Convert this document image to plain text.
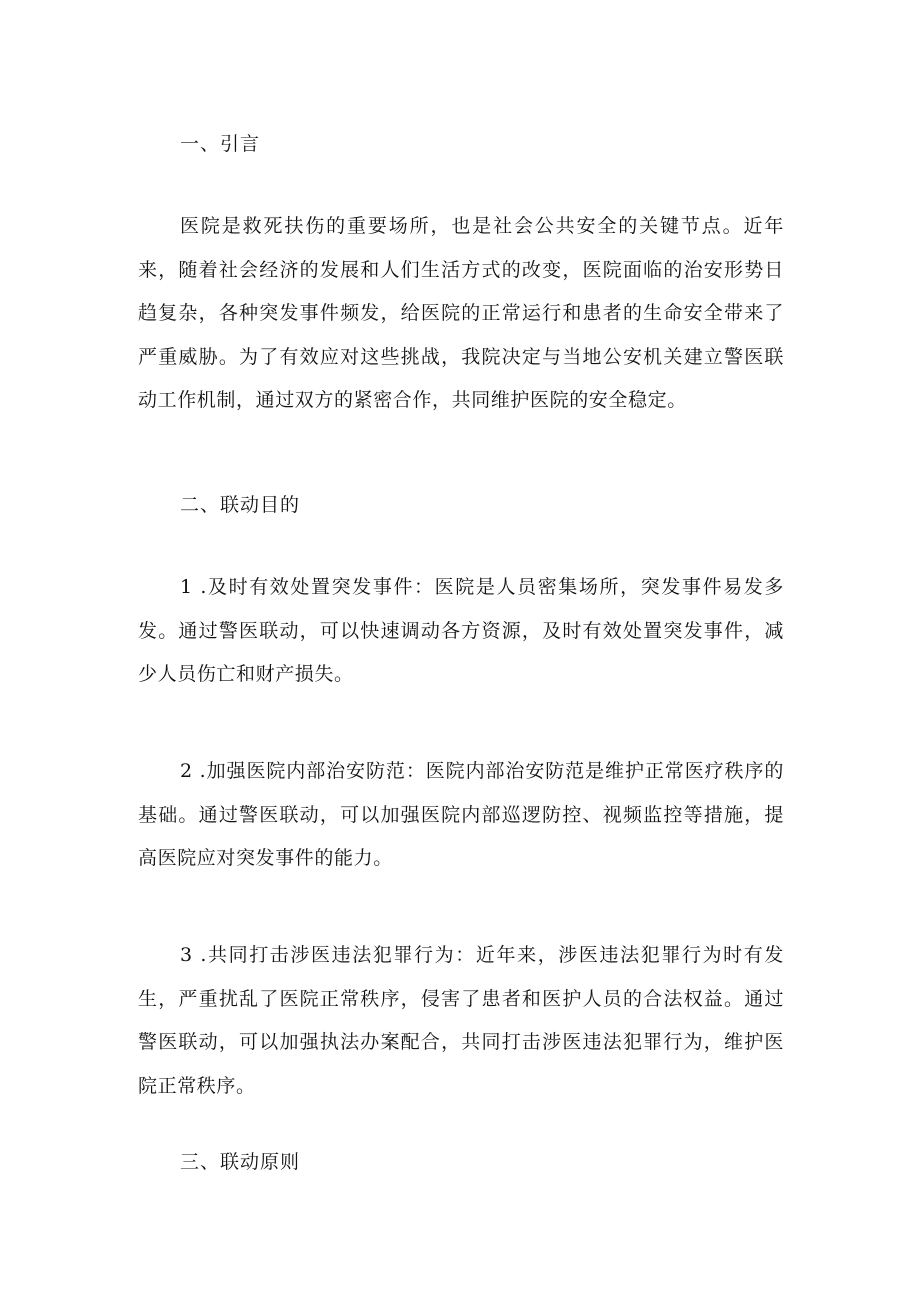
一、引言

医院是救死扶伤的重要场所，也是社会公共安全的关键节点。近年来，随着社会经济的发展和人们生活方式的改变，医院面临的治安形势日趋复杂，各种突发事件频发，给医院的正常运行和患者的生命安全带来了严重威胁。为了有效应对这些挑战，我院决定与当地公安机关建立警医联动工作机制，通过双方的紧密合作，共同维护医院的安全稳定。

二、联动目的

1 .及时有效处置突发事件：医院是人员密集场所，突发事件易发多发。通过警医联动，可以快速调动各方资源，及时有效处置突发事件，减少人员伤亡和财产损失。

2 .加强医院内部治安防范：医院内部治安防范是维护正常医疗秩序的基础。通过警医联动，可以加强医院内部巡逻防控、视频监控等措施，提高医院应对突发事件的能力。

3 .共同打击涉医违法犯罪行为：近年来，涉医违法犯罪行为时有发生，严重扰乱了医院正常秩序，侵害了患者和医护人员的合法权益。通过警医联动，可以加强执法办案配合，共同打击涉医违法犯罪行为，维护医院正常秩序。

三、联动原则
